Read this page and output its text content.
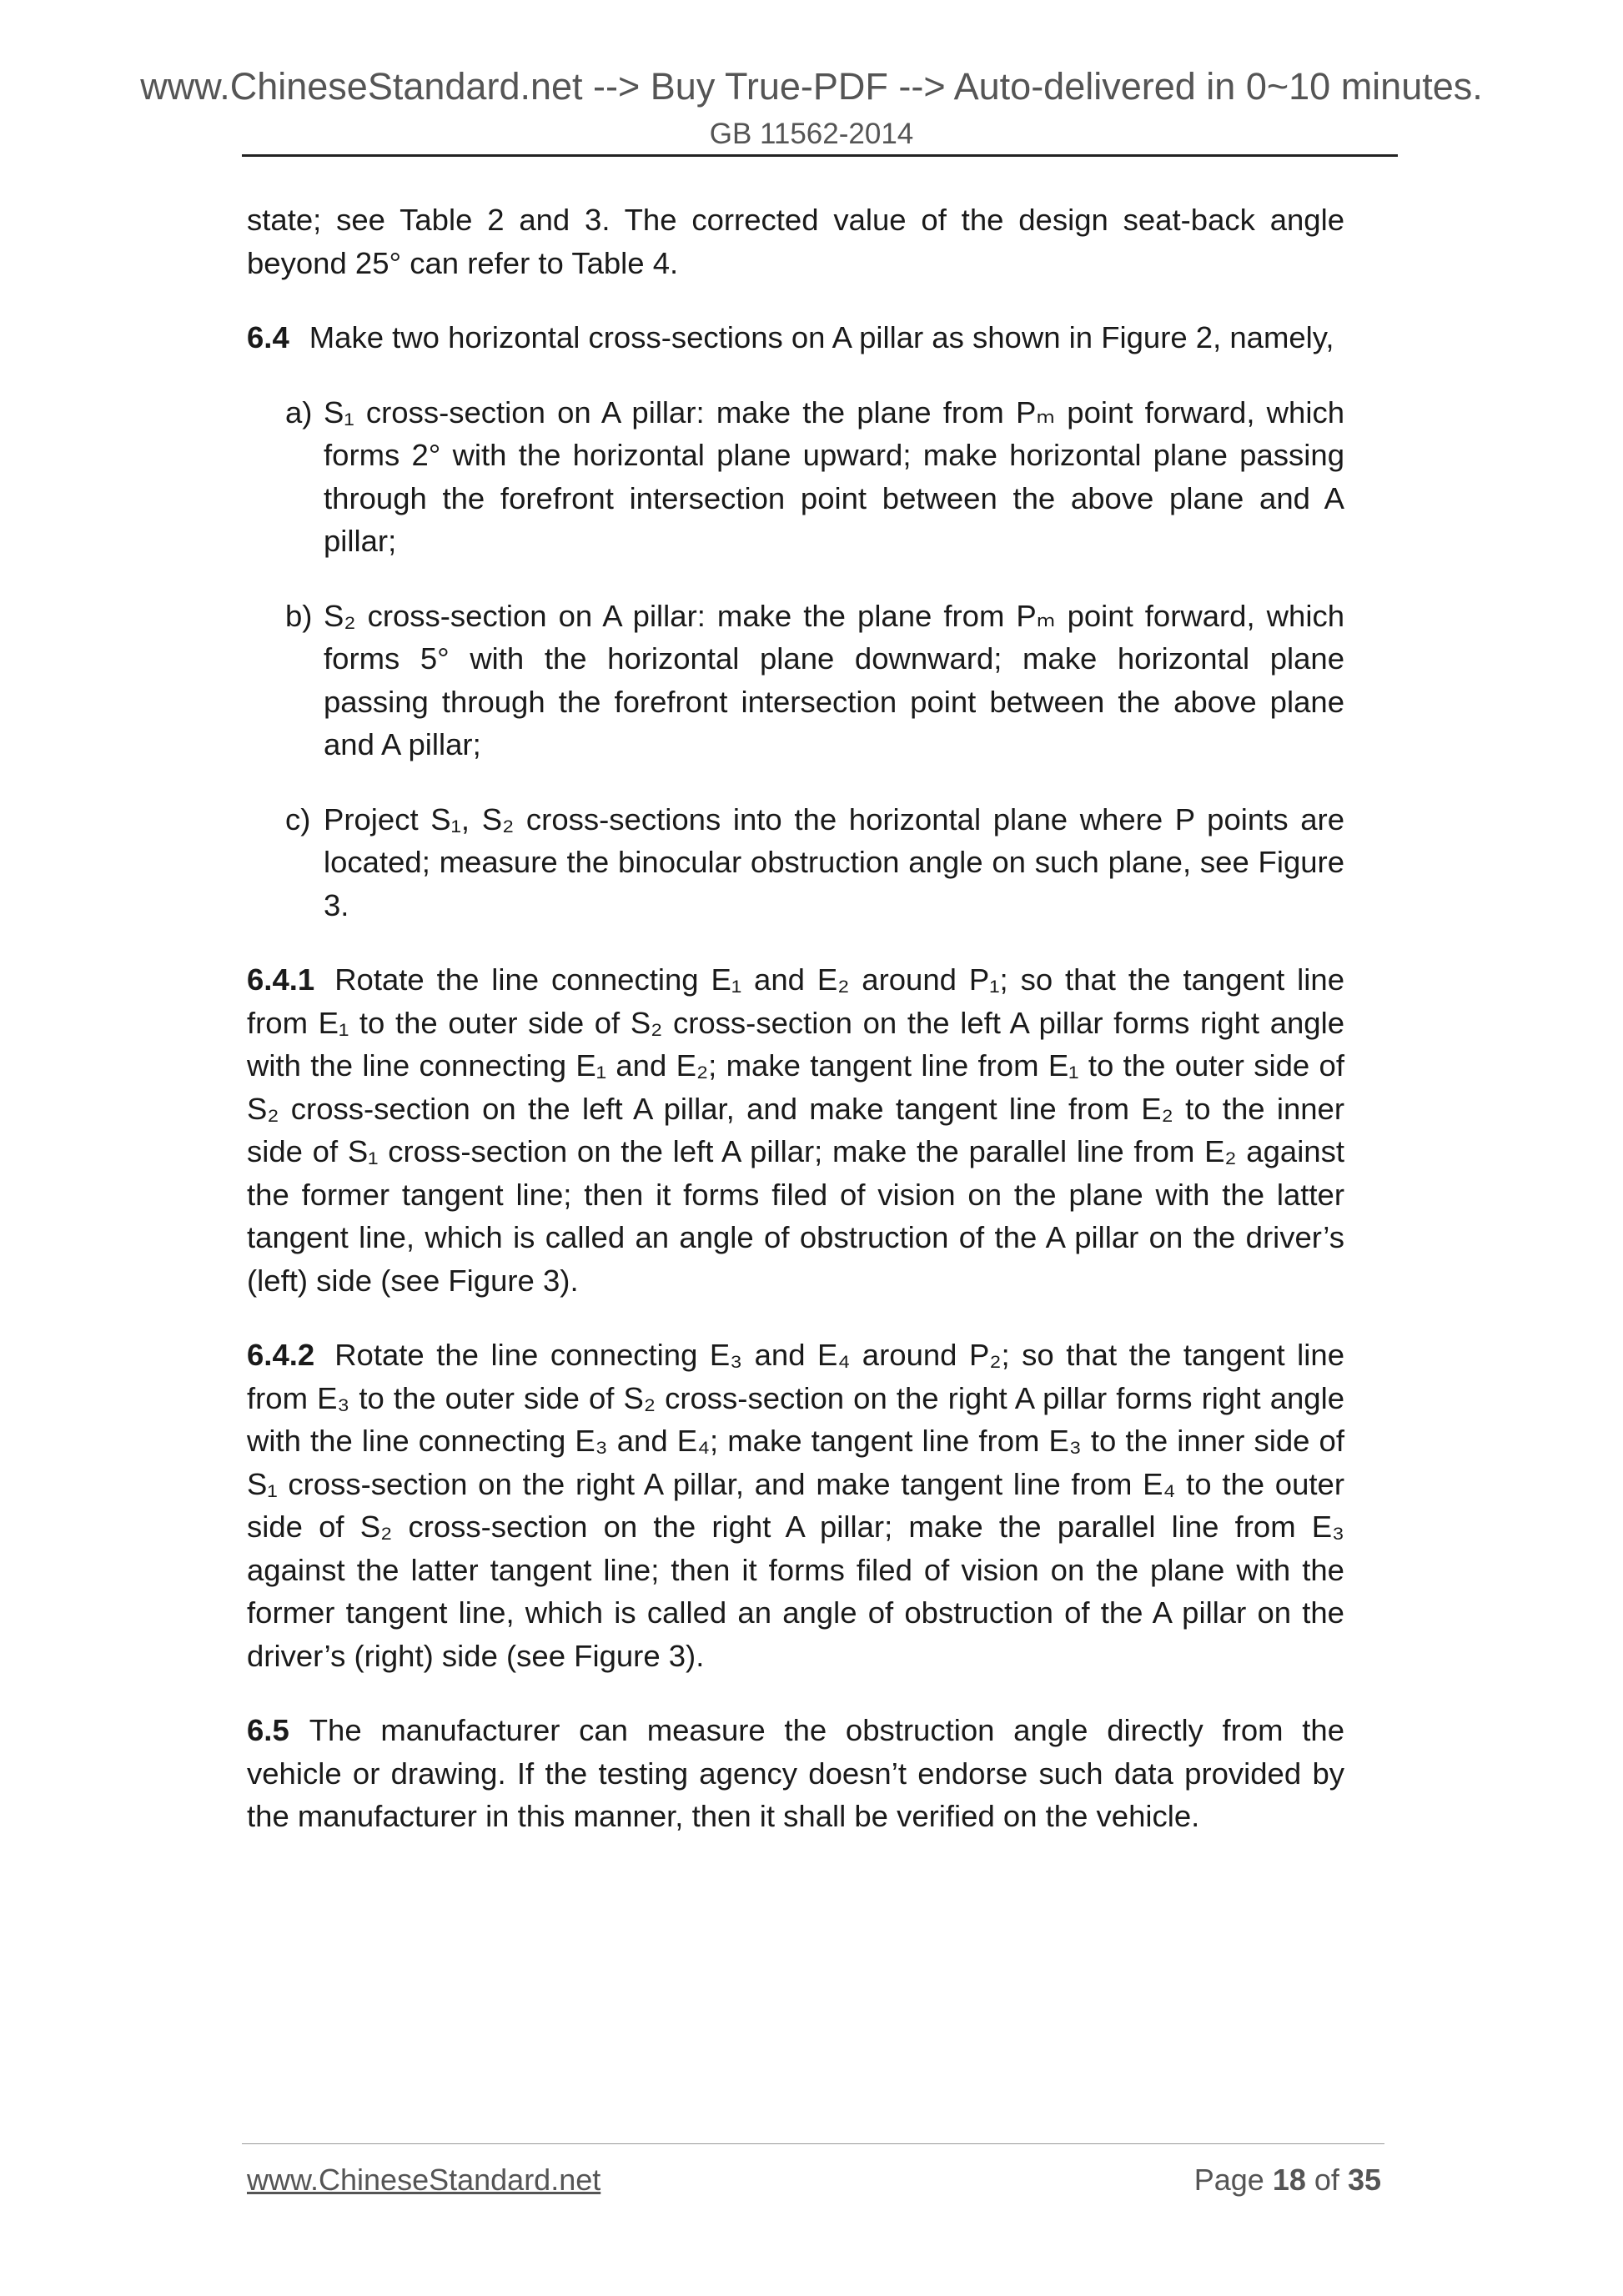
www.ChineseStandard.net --> Buy True-PDF --> Auto-delivered in 0~10 minutes.
GB 11562-2014

state; see Table 2 and 3. The corrected value of the design seat-back angle beyond 25° can refer to Table 4.

6.4 Make two horizontal cross-sections on A pillar as shown in Figure 2, namely,

a) S₁ cross-section on A pillar: make the plane from Pₘ point forward, which forms 2° with the horizontal plane upward; make horizontal plane passing through the forefront intersection point between the above plane and A pillar;
b) S₂ cross-section on A pillar: make the plane from Pₘ point forward, which forms 5° with the horizontal plane downward; make horizontal plane passing through the forefront intersection point between the above plane and A pillar;
c) Project S₁, S₂ cross-sections into the horizontal plane where P points are located; measure the binocular obstruction angle on such plane, see Figure 3.

6.4.1 Rotate the line connecting E₁ and E₂ around P₁; so that the tangent line from E₁ to the outer side of S₂ cross-section on the left A pillar forms right angle with the line connecting E₁ and E₂; make tangent line from E₁ to the outer side of S₂ cross-section on the left A pillar, and make tangent line from E₂ to the inner side of S₁ cross-section on the left A pillar; make the parallel line from E₂ against the former tangent line; then it forms filed of vision on the plane with the latter tangent line, which is called an angle of obstruction of the A pillar on the driver’s (left) side (see Figure 3).

6.4.2 Rotate the line connecting E₃ and E₄ around P₂; so that the tangent line from E₃ to the outer side of S₂ cross-section on the right A pillar forms right angle with the line connecting E₃ and E₄; make tangent line from E₃ to the inner side of S₁ cross-section on the right A pillar, and make tangent line from E₄ to the outer side of S₂ cross-section on the right A pillar; make the parallel line from E₃ against the latter tangent line; then it forms filed of vision on the plane with the former tangent line, which is called an angle of obstruction of the A pillar on the driver’s (right) side (see Figure 3).

6.5 The manufacturer can measure the obstruction angle directly from the vehicle or drawing. If the testing agency doesn’t endorse such data provided by the manufacturer in this manner, then it shall be verified on the vehicle.

www.ChineseStandard.net	Page 18 of 35
